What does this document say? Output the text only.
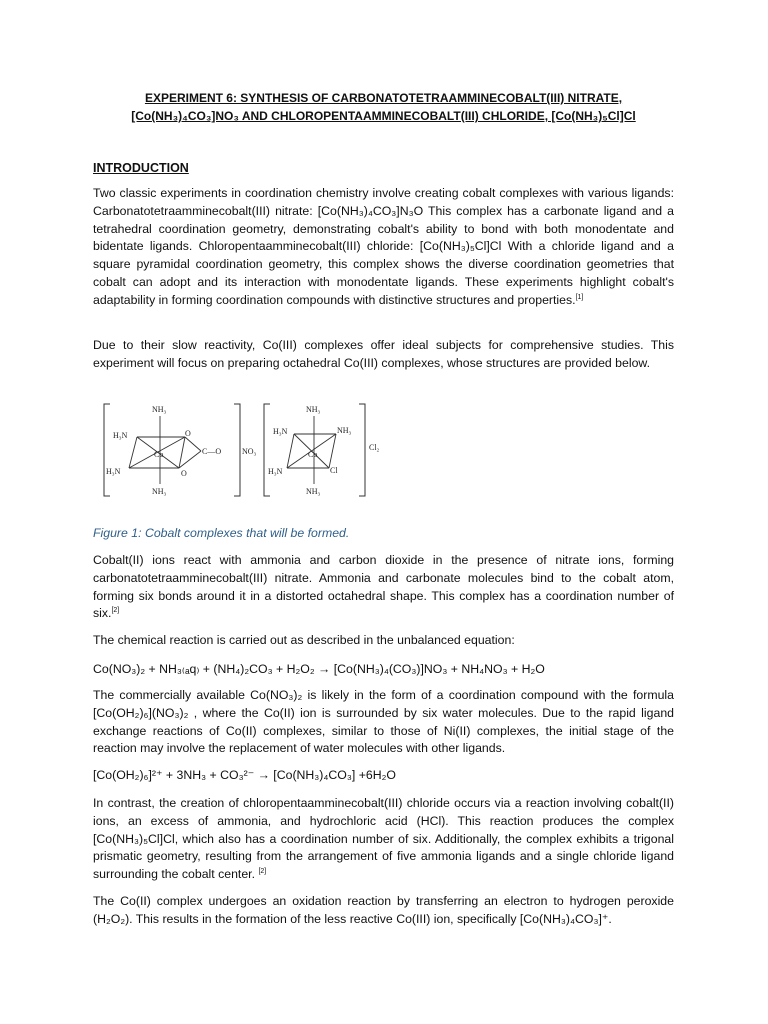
EXPERIMENT 6: SYNTHESIS OF CARBONATOTETRAAMMINECOBALT(III) NITRATE,
[Co(NH₃)₄CO₃]NO₃ AND CHLOROPENTAAMMINECOBALT(III) CHLORIDE, [Co(NH₃)₅Cl]Cl
INTRODUCTION
Two classic experiments in coordination chemistry involve creating cobalt complexes with various ligands: Carbonatotetraamminecobalt(III) nitrate: [Co(NH₃)₄CO₃]N₃O This complex has a carbonate ligand and a tetrahedral coordination geometry, demonstrating cobalt's ability to bond with both monodentate and bidentate ligands. Chloropentaamminecobalt(III) chloride: [Co(NH₃)₅Cl]Cl With a chloride ligand and a square pyramidal coordination geometry, this complex shows the diverse coordination geometries that cobalt can adopt and its interaction with monodentate ligands. These experiments highlight cobalt's adaptability in forming coordination compounds with distinctive structures and properties.[1]
Due to their slow reactivity, Co(III) complexes offer ideal subjects for comprehensive studies. This experiment will focus on preparing octahedral Co(III) complexes, whose structures are provided below.
NH₃
H₃N
H₃N
NH₃
Co
O
O
C—O	NO₃
NH₃
H₃N	NH₃
H₃N	Cl
NH₃
Co
Cl₂
Figure 1: Cobalt complexes that will be formed.
Cobalt(II) ions react with ammonia and carbon dioxide in the presence of nitrate ions, forming carbonatotetraamminecobalt(III) nitrate. Ammonia and carbonate molecules bind to the cobalt atom, forming six bonds around it in a distorted octahedral shape. This complex has a coordination number of six.[2]
The chemical reaction is carried out as described in the unbalanced equation:
Co(NO₃)₂ + NH₃₍ₐq₎ + (NH₄)₂CO₃ + H₂O₂ → [Co(NH₃)₄(CO₃)]NO₃ + NH₄NO₃ + H₂O
The commercially available Co(NO₃)₂ is likely in the form of a coordination compound with the formula [Co(OH₂)₆](NO₃)₂ , where the Co(II) ion is surrounded by six water molecules. Due to the rapid ligand exchange reactions of Co(II) complexes, similar to those of Ni(II) complexes, the initial stage of the reaction may involve the replacement of water molecules with other ligands.
[Co(OH₂)₆]²⁺ + 3NH₃ + CO₃²⁻ → [Co(NH₃)₄CO₃] +6H₂O
In contrast, the creation of chloropentaamminecobalt(III) chloride occurs via a reaction involving cobalt(II) ions, an excess of ammonia, and hydrochloric acid (HCl). This reaction produces the complex [Co(NH₃)₅Cl]Cl, which also has a coordination number of six. Additionally, the complex exhibits a trigonal prismatic geometry, resulting from the arrangement of five ammonia ligands and a single chloride ligand surrounding the cobalt center. [2]
The Co(II) complex undergoes an oxidation reaction by transferring an electron to hydrogen peroxide (H₂O₂). This results in the formation of the less reactive Co(III) ion, specifically [Co(NH₃)₄CO₃]⁺.
